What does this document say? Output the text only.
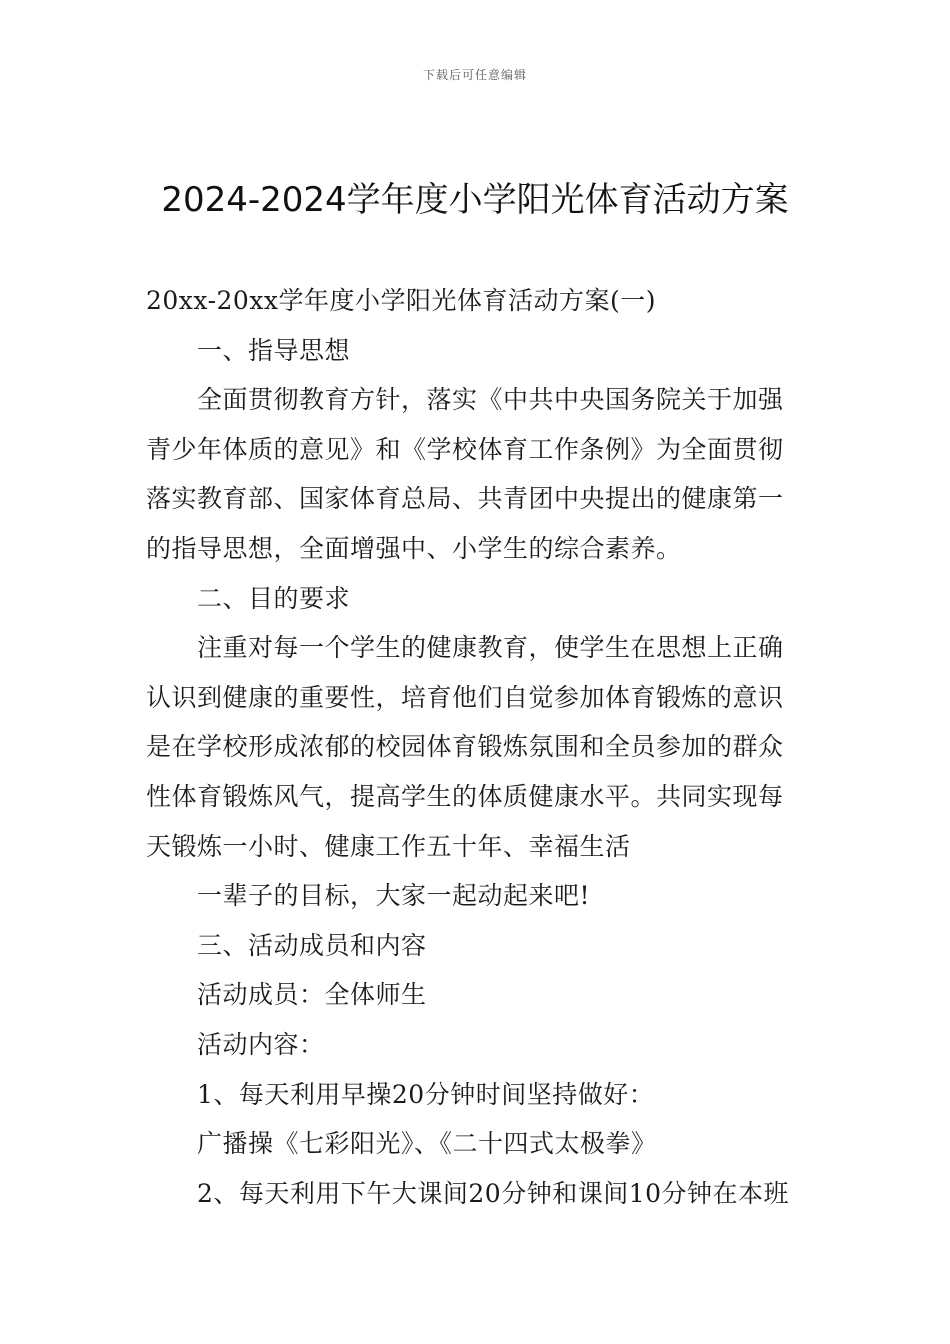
下载后可任意编辑
2024-2024学年度小学阳光体育活动方案

20xx-20xx学年度小学阳光体育活动方案(一)

一、指导思想

全面贯彻教育方针，落实《中共中央国务院关于加强青少年体质的意见》和《学校体育工作条例》为全面贯彻落实教育部、国家体育总局、共青团中央提出的健康第一的指导思想，全面增强中、小学生的综合素养。

二、目的要求

注重对每一个学生的健康教育，使学生在思想上正确认识到健康的重要性，培育他们自觉参加体育锻炼的意识是在学校形成浓郁的校园体育锻炼氛围和全员参加的群众性体育锻炼风气，提高学生的体质健康水平。共同实现每天锻炼一小时、健康工作五十年、幸福生活

一辈子的目标，大家一起动起来吧!

三、活动成员和内容

活动成员：全体师生

活动内容：

1、每天利用早操20分钟时间坚持做好：

广播操《七彩阳光》、《二十四式太极拳》

2、每天利用下午大课间20分钟和课间10分钟在本班
